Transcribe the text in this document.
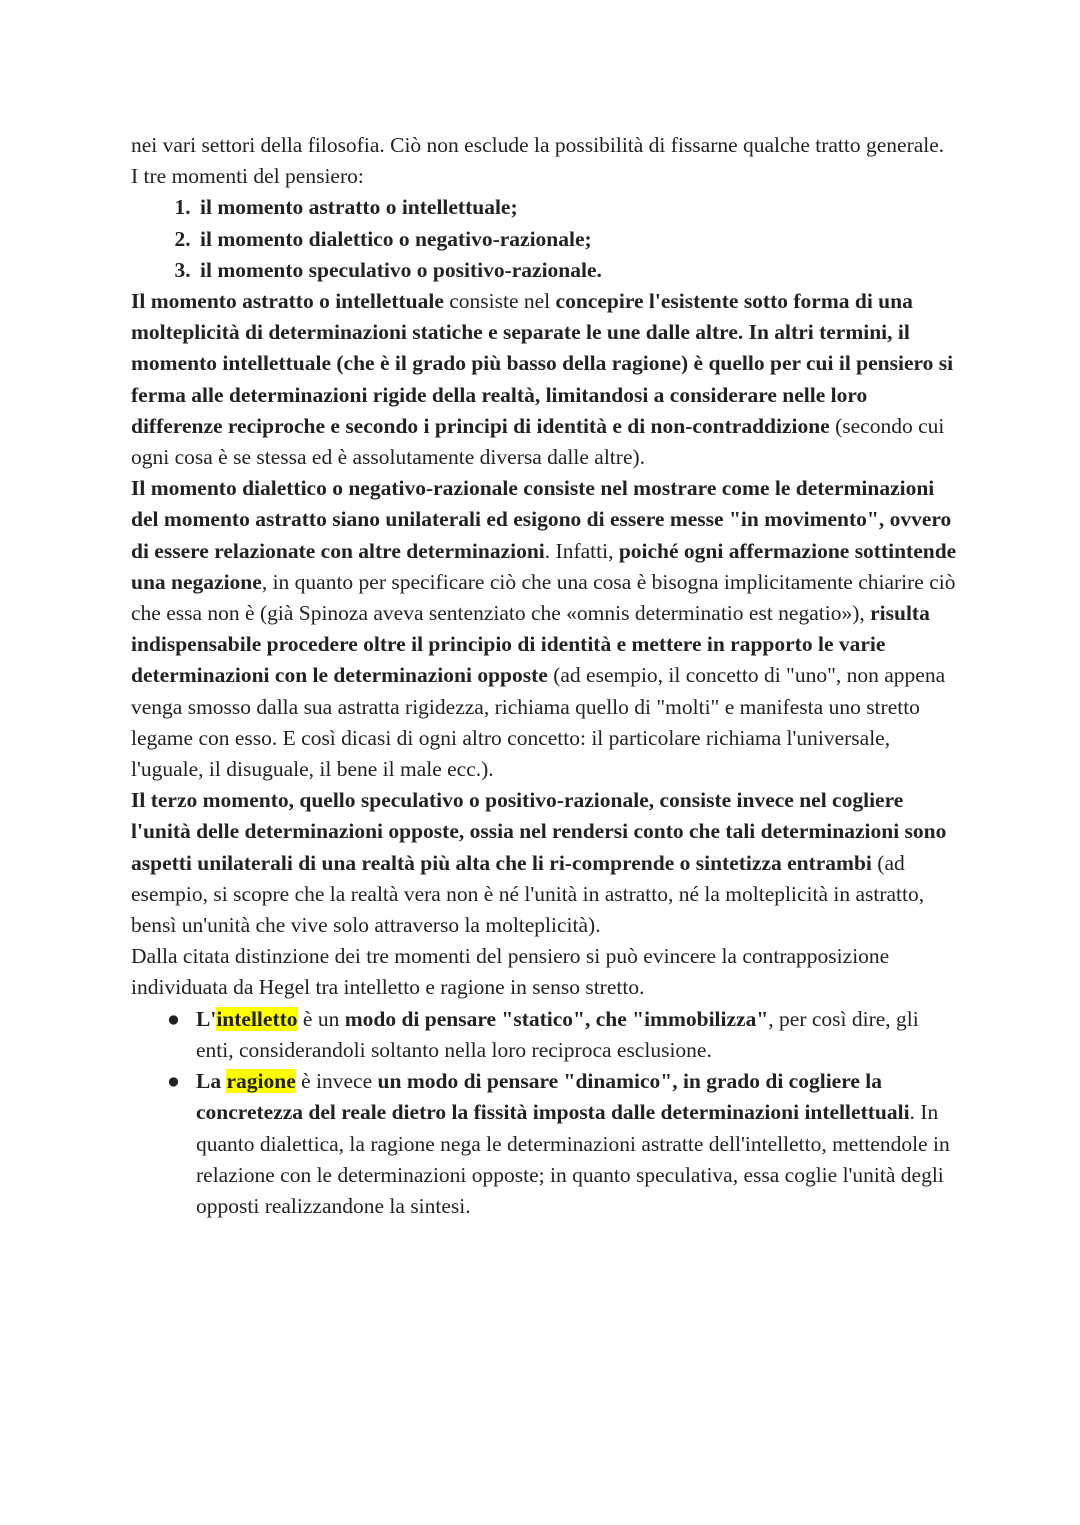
nei vari settori della filosofia. Ciò non esclude la possibilità di fissarne qualche tratto generale.

I tre momenti del pensiero:

1. il momento astratto o intellettuale;
2. il momento dialettico o negativo-razionale;
3. il momento speculativo o positivo-razionale.

Il momento astratto o intellettuale consiste nel concepire l'esistente sotto forma di una molteplicità di determinazioni statiche e separate le une dalle altre. In altri termini, il momento intellettuale (che è il grado più basso della ragione) è quello per cui il pensiero si ferma alle determinazioni rigide della realtà, limitandosi a considerare nelle loro differenze reciproche e secondo i principi di identità e di non-contraddizione (secondo cui ogni cosa è se stessa ed è assolutamente diversa dalle altre).

Il momento dialettico o negativo-razionale consiste nel mostrare come le determinazioni del momento astratto siano unilaterali ed esigono di essere messe "in movimento", ovvero di essere relazionate con altre determinazioni. Infatti, poiché ogni affermazione sottintende una negazione, in quanto per specificare ciò che una cosa è bisogna implicitamente chiarire ciò che essa non è (già Spinoza aveva sentenziato che «omnis determinatio est negatio»), risulta indispensabile procedere oltre il principio di identità e mettere in rapporto le varie determinazioni con le determinazioni opposte (ad esempio, il concetto di "uno", non appena venga smosso dalla sua astratta rigidezza, richiama quello di "molti" e manifesta uno stretto legame con esso. E così dicasi di ogni altro concetto: il particolare richiama l'universale, l'uguale, il disuguale, il bene il male ecc.).

Il terzo momento, quello speculativo o positivo-razionale, consiste invece nel cogliere l'unità delle determinazioni opposte, ossia nel rendersi conto che tali determinazioni sono aspetti unilaterali di una realtà più alta che li ri-comprende o sintetizza entrambi (ad esempio, si scopre che la realtà vera non è né l'unità in astratto, né la molteplicità in astratto, bensì un'unità che vive solo attraverso la molteplicità).

Dalla citata distinzione dei tre momenti del pensiero si può evincere la contrapposizione individuata da Hegel tra intelletto e ragione in senso stretto.

● L'intelletto è un modo di pensare "statico", che "immobilizza", per così dire, gli enti, considerandoli soltanto nella loro reciproca esclusione.
● La ragione è invece un modo di pensare "dinamico", in grado di cogliere la concretezza del reale dietro la fissità imposta dalle determinazioni intellettuali. In quanto dialettica, la ragione nega le determinazioni astratte dell'intelletto, mettendole in relazione con le determinazioni opposte; in quanto speculativa, essa coglie l'unità degli opposti realizzandone la sintesi.
